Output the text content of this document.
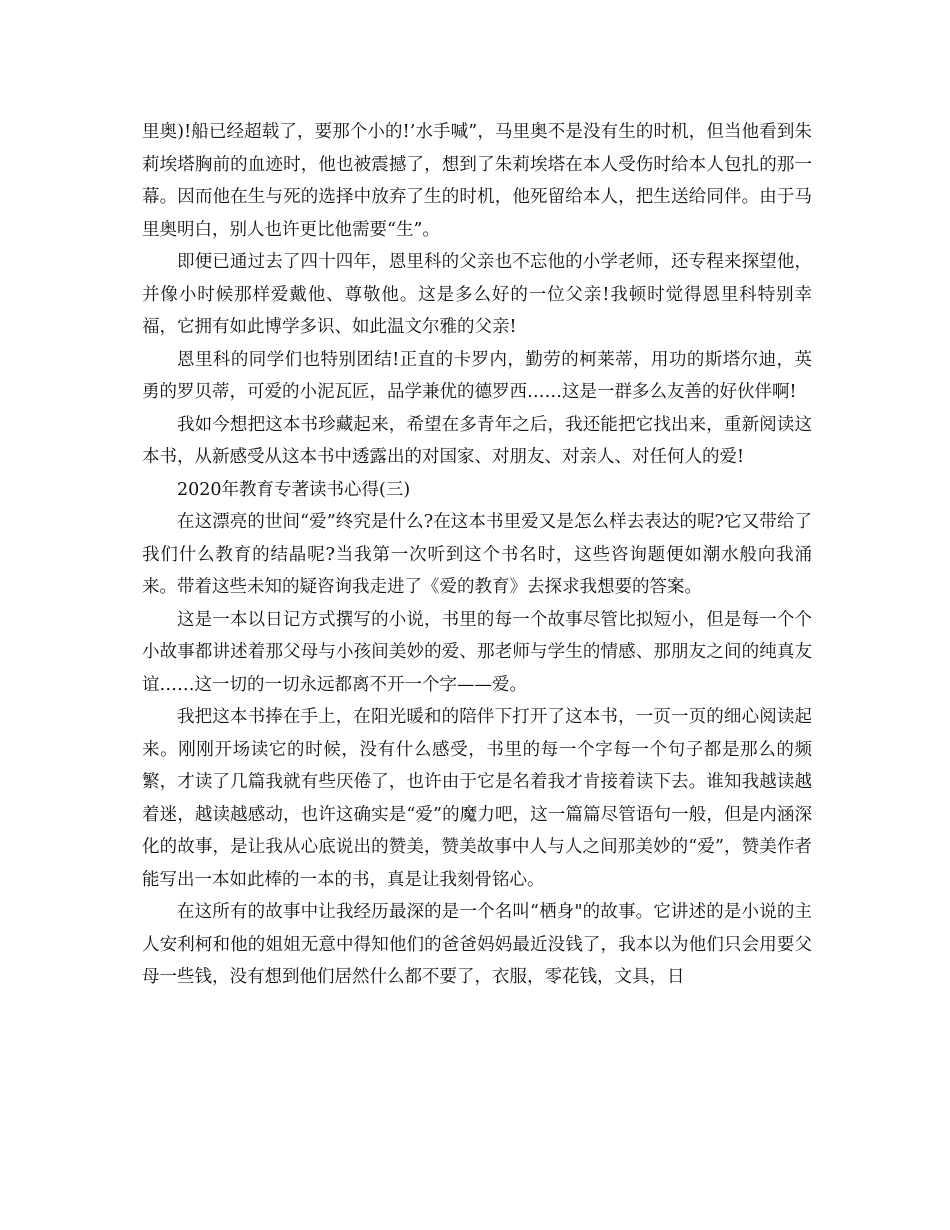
里奥)!船已经超载了，要那个小的!’水手喊”，马里奥不是没有生的时机，但当他看到朱莉埃塔胸前的血迹时，他也被震撼了，想到了朱莉埃塔在本人受伤时给本人包扎的那一幕。因而他在生与死的选择中放弃了生的时机，他死留给本人，把生送给同伴。由于马里奥明白，别人也许更比他需要“生”。

即便已通过去了四十四年，恩里科的父亲也不忘他的小学老师，还专程来探望他，并像小时候那样爱戴他、尊敬他。这是多么好的一位父亲!我顿时觉得恩里科特别幸福，它拥有如此博学多识、如此温文尔雅的父亲!

恩里科的同学们也特别团结!正直的卡罗内，勤劳的柯莱蒂，用功的斯塔尔迪，英勇的罗贝蒂，可爱的小泥瓦匠，品学兼优的德罗西……这是一群多么友善的好伙伴啊!

我如今想把这本书珍藏起来，希望在多青年之后，我还能把它找出来，重新阅读这本书，从新感受从这本书中透露出的对国家、对朋友、对亲人、对任何人的爱!

2020年教育专著读书心得(三)

在这漂亮的世间“爱”终究是什么?在这本书里爱又是怎么样去表达的呢?它又带给了我们什么教育的结晶呢?当我第一次听到这个书名时，这些咨询题便如潮水般向我涌来。带着这些未知的疑咨询我走进了《爱的教育》去探求我想要的答案。

这是一本以日记方式撰写的小说，书里的每一个故事尽管比拟短小，但是每一个个小故事都讲述着那父母与小孩间美妙的爱、那老师与学生的情感、那朋友之间的纯真友谊……这一切的一切永远都离不开一个字——爱。

我把这本书捧在手上，在阳光暖和的陪伴下打开了这本书，一页一页的细心阅读起来。刚刚开场读它的时候，没有什么感受，书里的每一个字每一个句子都是那么的频繁，才读了几篇我就有些厌倦了，也许由于它是名着我才肯接着读下去。谁知我越读越着迷，越读越感动，也许这确实是“爱”的魔力吧，这一篇篇尽管语句一般，但是内涵深化的故事，是让我从心底说出的赞美，赞美故事中人与人之间那美妙的“爱”，赞美作者能写出一本如此棒的一本的书，真是让我刻骨铭心。

在这所有的故事中让我经历最深的是一个名叫“栖身"的故事。它讲述的是小说的主人安利柯和他的姐姐无意中得知他们的爸爸妈妈最近没钱了，我本以为他们只会用要父母一些钱，没有想到他们居然什么都不要了，衣服，零花钱，文具，日
